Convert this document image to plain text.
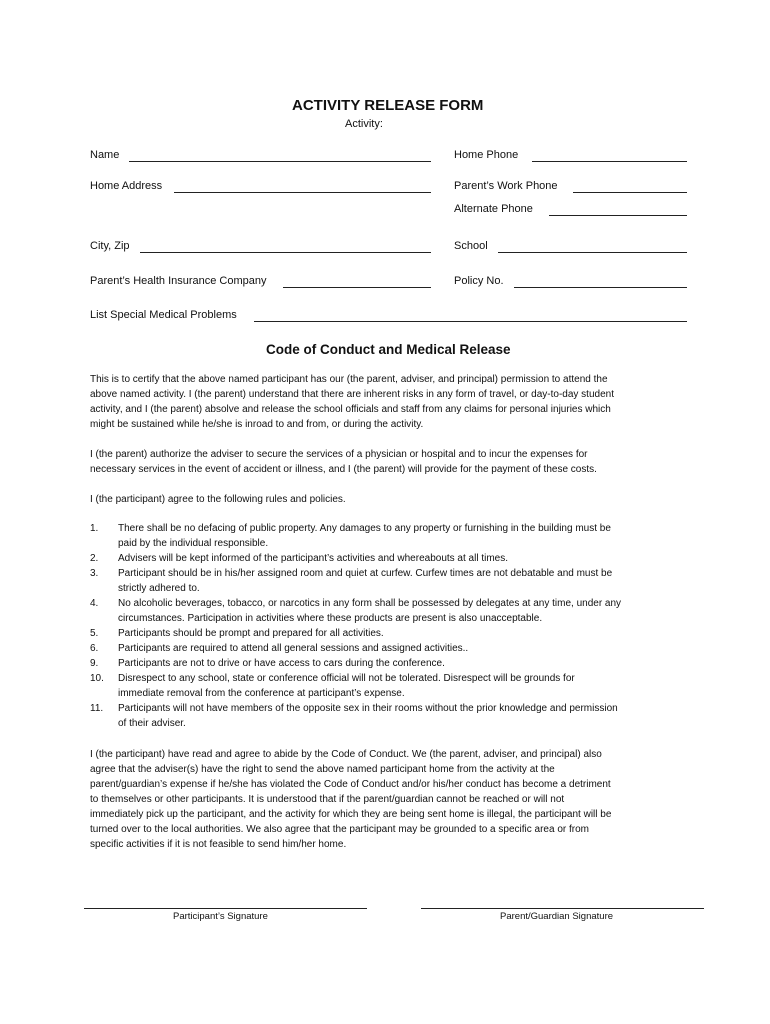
ACTIVITY RELEASE FORM
Activity:
Name	Home Phone
Home Address	Parent’s Work Phone
Alternate Phone
City, Zip	School
Parent’s Health Insurance Company	Policy No.
List Special Medical Problems
Code of Conduct and Medical Release
This is to certify that the above named participant has our (the parent, adviser, and principal) permission to attend the
above named activity. I (the parent) understand that there are inherent risks in any form of travel, or day-to-day student
activity, and I (the parent) absolve and release the school officials and staff from any claims for personal injuries which
might be sustained while he/she is inroad to and from, or during the activity.
I (the parent) authorize the adviser to secure the services of a physician or hospital and to incur the expenses for
necessary services in the event of accident or illness, and I (the parent) will provide for the payment of these costs.
I (the participant) agree to the following rules and policies.
1. There shall be no defacing of public property. Any damages to any property or furnishing in the building must be
paid by the individual responsible.
2. Advisers will be kept informed of the participant’s activities and whereabouts at all times.
3. Participant should be in his/her assigned room and quiet at curfew. Curfew times are not debatable and must be
strictly adhered to.
4. No alcoholic beverages, tobacco, or narcotics in any form shall be possessed by delegates at any time, under any
circumstances. Participation in activities where these products are present is also unacceptable.
5. Participants should be prompt and prepared for all activities.
6. Participants are required to attend all general sessions and assigned activities..
9. Participants are not to drive or have access to cars during the conference.
10. Disrespect to any school, state or conference official will not be tolerated. Disrespect will be grounds for
immediate removal from the conference at participant’s expense.
11. Participants will not have members of the opposite sex in their rooms without the prior knowledge and permission
of their adviser.
I (the participant) have read and agree to abide by the Code of Conduct. We (the parent, adviser, and principal) also
agree that the adviser(s) have the right to send the above named participant home from the activity at the
parent/guardian’s expense if he/she has violated the Code of Conduct and/or his/her conduct has become a detriment
to themselves or other participants. It is understood that if the parent/guardian cannot be reached or will not
immediately pick up the participant, and the activity for which they are being sent home is illegal, the participant will be
turned over to the local authorities. We also agree that the participant may be grounded to a specific area or from
specific activities if it is not feasible to send him/her home.
Participant’s Signature	Parent/Guardian Signature
